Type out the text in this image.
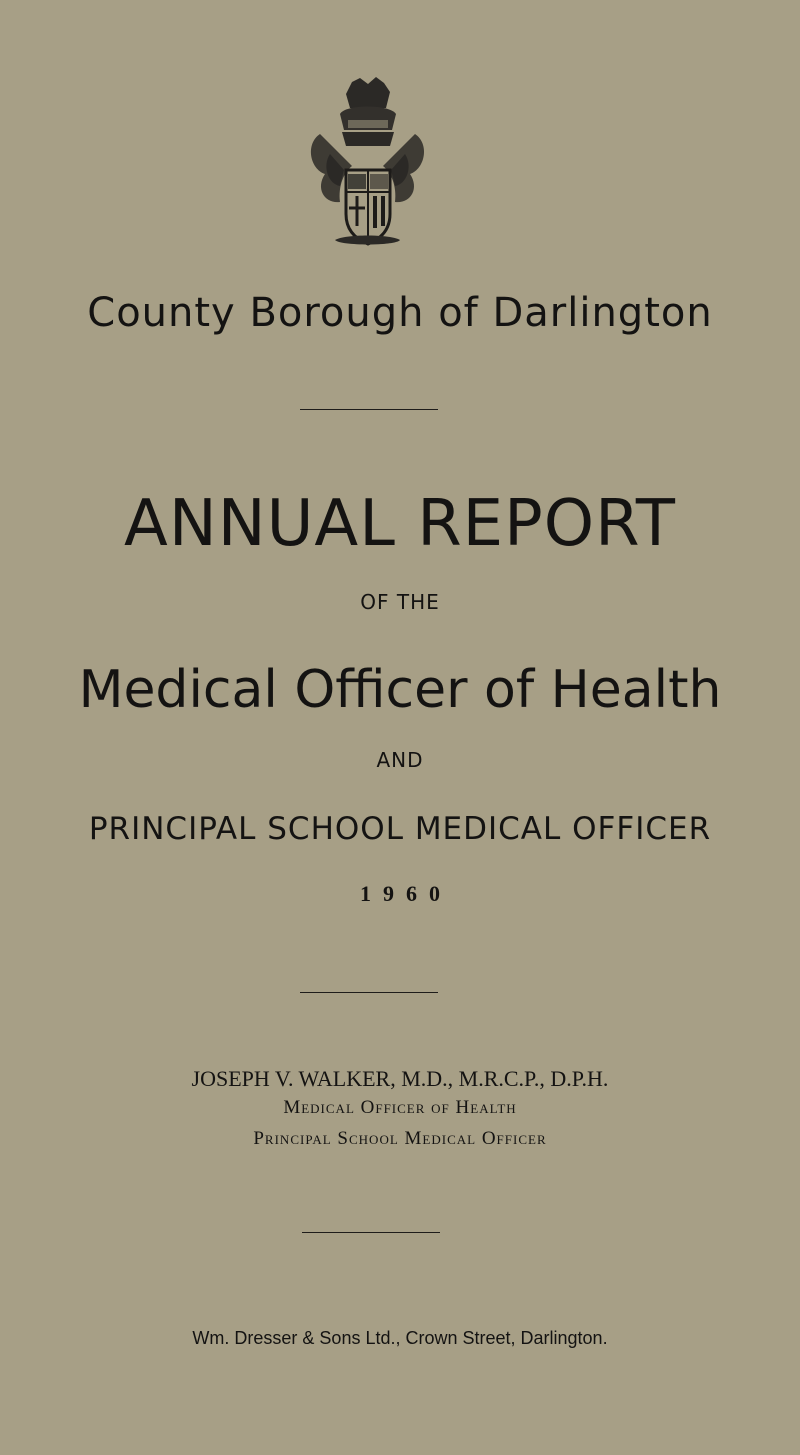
County Borough of Darlington
ANNUAL REPORT
OF THE
Medical Officer of Health
AND
PRINCIPAL SCHOOL MEDICAL OFFICER
1960
JOSEPH V. WALKER, M.D., M.R.C.P., D.P.H.
Medical Officer of Health
Principal School Medical Officer
Wm. Dresser & Sons Ltd., Crown Street, Darlington.
